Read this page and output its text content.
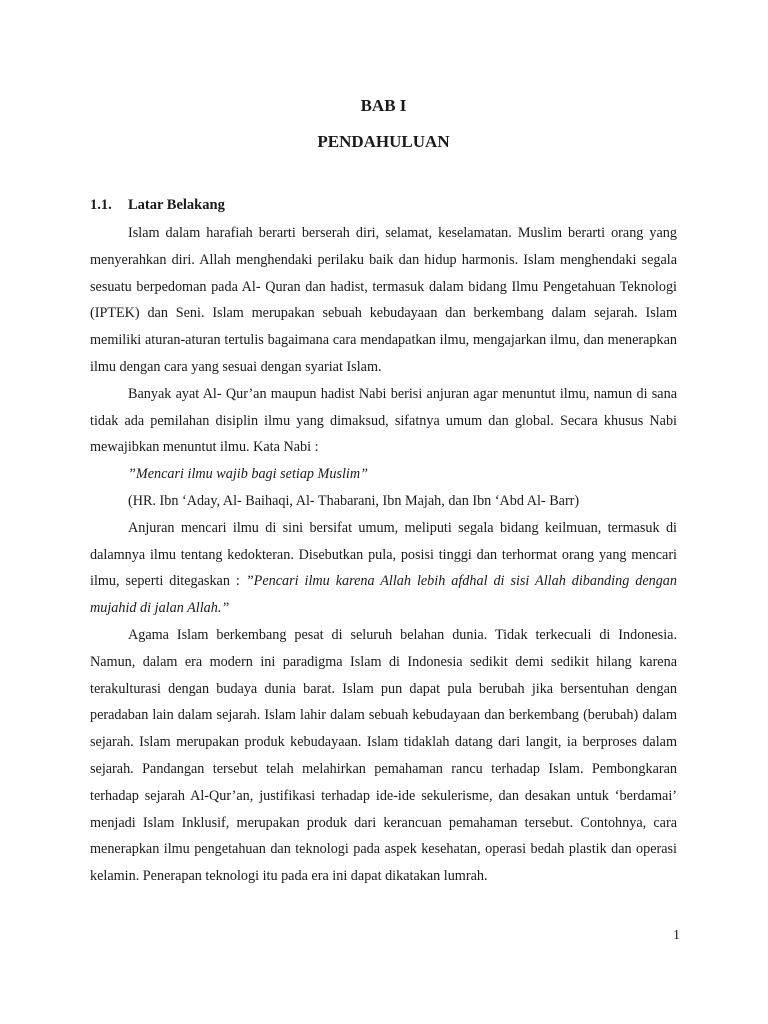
BAB I
PENDAHULUAN
1.1. Latar Belakang

Islam dalam harafiah berarti berserah diri, selamat, keselamatan. Muslim berarti orang yang menyerahkan diri. Allah menghendaki perilaku baik dan hidup harmonis. Islam menghendaki segala sesuatu berpedoman pada Al- Quran dan hadist, termasuk dalam bidang Ilmu Pengetahuan Teknologi (IPTEK) dan Seni. Islam merupakan sebuah kebudayaan dan berkembang dalam sejarah. Islam memiliki aturan-aturan tertulis bagaimana cara mendapatkan ilmu, mengajarkan ilmu, dan menerapkan ilmu dengan cara yang sesuai dengan syariat Islam.

Banyak ayat Al- Qur’an maupun hadist Nabi berisi anjuran agar menuntut ilmu, namun di sana tidak ada pemilahan disiplin ilmu yang dimaksud, sifatnya umum dan global. Secara khusus Nabi mewajibkan menuntut ilmu. Kata Nabi :

”Mencari ilmu wajib bagi setiap Muslim”

(HR. Ibn ‘Aday, Al- Baihaqi, Al- Thabarani, Ibn Majah, dan Ibn ‘Abd Al- Barr)

Anjuran mencari ilmu di sini bersifat umum, meliputi segala bidang keilmuan, termasuk di dalamnya ilmu tentang kedokteran. Disebutkan pula, posisi tinggi dan terhormat orang yang mencari ilmu, seperti ditegaskan : ”Pencari ilmu karena Allah lebih afdhal di sisi Allah dibanding dengan mujahid di jalan Allah.”

Agama Islam berkembang pesat di seluruh belahan dunia. Tidak terkecuali di Indonesia. Namun, dalam era modern ini paradigma Islam di Indonesia sedikit demi sedikit hilang karena terakulturasi dengan budaya dunia barat. Islam pun dapat pula berubah jika bersentuhan dengan peradaban lain dalam sejarah. Islam lahir dalam sebuah kebudayaan dan berkembang (berubah) dalam sejarah. Islam merupakan produk kebudayaan. Islam tidaklah datang dari langit, ia berproses dalam sejarah. Pandangan tersebut telah melahirkan pemahaman rancu terhadap Islam. Pembongkaran terhadap sejarah Al-Qur’an, justifikasi terhadap ide-ide sekulerisme, dan desakan untuk ‘berdamai’ menjadi Islam Inklusif, merupakan produk dari kerancuan pemahaman tersebut. Contohnya, cara menerapkan ilmu pengetahuan dan teknologi pada aspek kesehatan, operasi bedah plastik dan operasi kelamin. Penerapan teknologi itu pada era ini dapat dikatakan lumrah.

1
